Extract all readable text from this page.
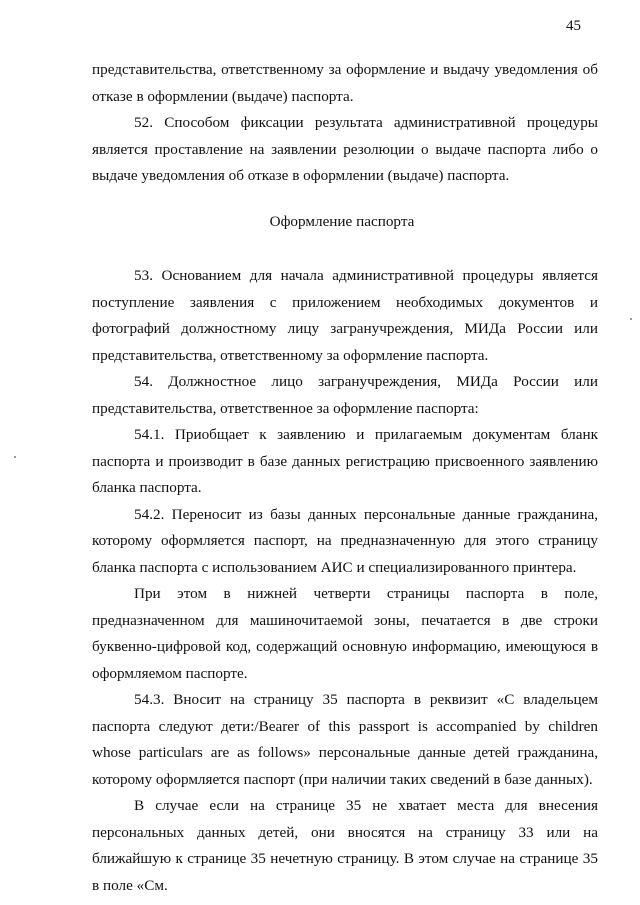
45

представительства, ответственному за оформление и выдачу уведомления об отказе в оформлении (выдаче) паспорта.

52. Способом фиксации результата административной процедуры является проставление на заявлении резолюции о выдаче паспорта либо о выдаче уведомления об отказе в оформлении (выдаче) паспорта.

Оформление паспорта

53. Основанием для начала административной процедуры является поступление заявления с приложением необходимых документов и фотографий должностному лицу загранучреждения, МИДа России или представительства, ответственному за оформление паспорта.

54. Должностное лицо загранучреждения, МИДа России или представительства, ответственное за оформление паспорта:

54.1. Приобщает к заявлению и прилагаемым документам бланк паспорта и производит в базе данных регистрацию присвоенного заявлению бланка паспорта.

54.2. Переносит из базы данных персональные данные гражданина, которому оформляется паспорт, на предназначенную для этого страницу бланка паспорта с использованием АИС и специализированного принтера.

При этом в нижней четверти страницы паспорта в поле, предназначенном для машиночитаемой зоны, печатается в две строки буквенно-цифровой код, содержащий основную информацию, имеющуюся в оформляемом паспорте.

54.3. Вносит на страницу 35 паспорта в реквизит «С владельцем паспорта следуют дети:/Bearer of this passport is accompanied by children whose particulars are as follows» персональные данные детей гражданина, которому оформляется паспорт (при наличии таких сведений в базе данных).

В случае если на странице 35 не хватает места для внесения персональных данных детей, они вносятся на страницу 33 или на ближайшую к странице 35 нечетную страницу. В этом случае на странице 35 в поле «См.
